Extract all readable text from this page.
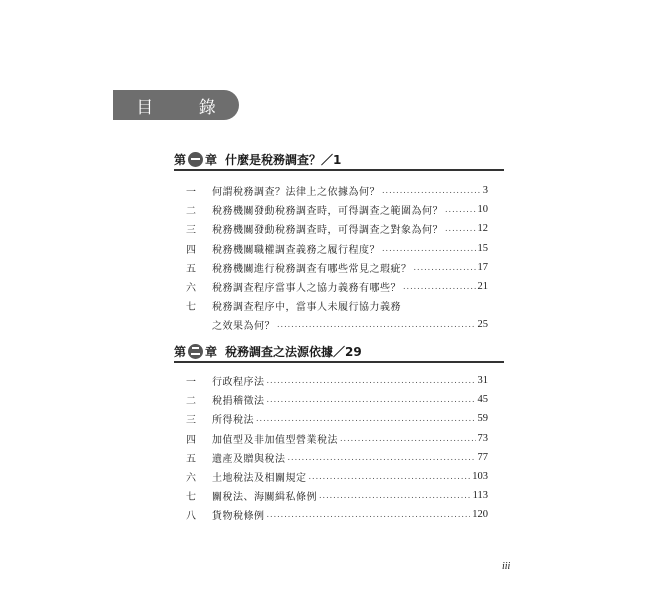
目 錄
第 章 什麼是稅務調查？／1
一	何謂稅務調查？法律上之依據為何？ .....	3
二	稅務機關發動稅務調查時，可得調查之範圍為何？ .....	10
三	稅務機關發動稅務調查時，可得調查之對象為何？ .....	12
四	稅務機關職權調查義務之履行程度？ .....	15
五	稅務機關進行稅務調查有哪些常見之瑕疵？ .....	17
六	稅務調查程序當事人之協力義務有哪些？ .....	21
七	稅務調查程序中，當事人未履行協力義務
之效果為何？ .....	25
第 章 稅務調查之法源依據／29
一	行政程序法 .....	31
二	稅捐稽徵法 .....	45
三	所得稅法 .....	59
四	加值型及非加值型營業稅法 .....	73
五	遺產及贈與稅法 .....	77
六	土地稅法及相關規定 .....	103
七	關稅法、海關緝私條例 .....	113
八	貨物稅條例 .....	120
iii
